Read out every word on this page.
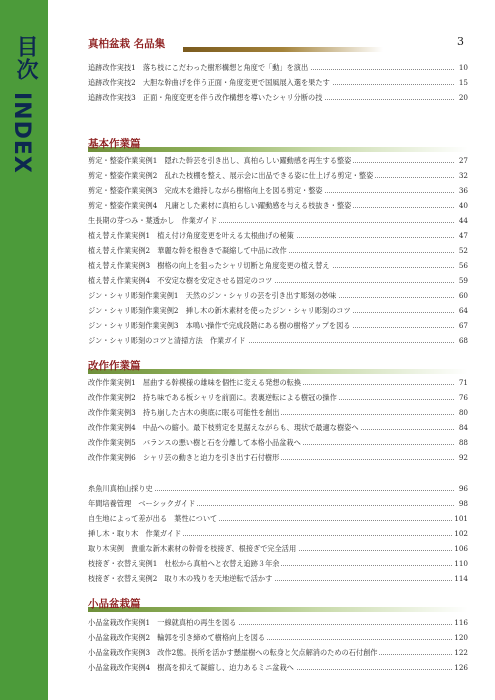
目次
INDEX
真柏盆栽 名品集	3
追跡改作実技1　落ち枝にこだわった樹形構想と角度で「動」を演出	10
追跡改作実技2　大胆な幹曲げを伴う正面・角度変更で国風展入選を果たす	15
追跡改作実技3　正面・角度変更を伴う改作構想を導いたシャリ分断の技	20
基本作業篇
剪定・整姿作業実例1　隠れた幹芸を引き出し、真柏らしい躍動感を再生する整姿	27
剪定・整姿作業実例2　乱れた枝棚を整え、展示会に出品できる姿に仕上げる剪定・整姿	32
剪定・整姿作業実例3　完成木を維持しながら樹格向上を図る剪定・整姿	36
剪定・整姿作業実例4　凡庸とした素材に真柏らしい躍動感を与える枝抜き・整姿	40
生長期の芽つみ・葉透かし　作業ガイド	44
植え替え作業実例1　植え付け角度変更を叶える太根曲げの秘策	47
植え替え作業実例2　華麗な幹を根巻きで凝縮して中品に改作	52
植え替え作業実例3　樹格の向上を狙ったシャリ切断と角度変更の植え替え	56
植え替え作業実例4　不安定な樹を安定させる固定のコツ	59
ジン・シャリ彫刻作業実例1　天然のジン・シャリの芸を引き出す彫刻の妙味	60
ジン・シャリ彫刻作業実例2　挿し木の新木素材を使ったジン・シャリ彫刻のコツ	64
ジン・シャリ彫刻作業実例3　本鳴い操作で完成段階にある樹の樹格アップを図る	67
ジン・シャリ彫刻のコツと清掃方法　作業ガイド	68
改作作業篇
改作作業実例1　屈曲する幹模様の雄味を個性に変える発想の転換	71
改作作業実例2　持ち味である板シャリを前面に。表裏逆転による樹冠の操作	76
改作作業実例3　持ち崩した古木の奥底に眠る可能性を創出	80
改作作業実例4　中品への縮小。最下枝剪定を見据えながらも、現状で最適な樹姿へ	84
改作作業実例5　バランスの悪い樹と石を分離して本格小品盆栽へ	88
改作作業実例6　シャリ芸の動きと迫力を引き出す石付樹形	92
糸魚川真柏山採り史	96
年間培養管理　ベーシックガイド	98
自生地によって差が出る　葉性について	101
挿し木・取り木　作業ガイド	102
取り木実例　貴重な新木素材の幹骨を枝接ぎ、根接ぎで完全活用	106
枝接ぎ・衣替え実例1　杜松から真柏へと衣替え追跡３年余	110
枝接ぎ・衣替え実例2　取り木の残りを天地逆転で活かす	114
小品盆栽篇
小品盆栽改作実例1　一線就真柏の再生を図る	116
小品盆栽改作実例2　輪郭を引き締めて樹格向上を図る	120
小品盆栽改作実例3　改作2態。長所を活かす懸崖樹への転身と欠点解消のための石付創作	122
小品盆栽改作実例4　樹高を抑えて凝縮し、迫力あるミニ盆栽へ	126
